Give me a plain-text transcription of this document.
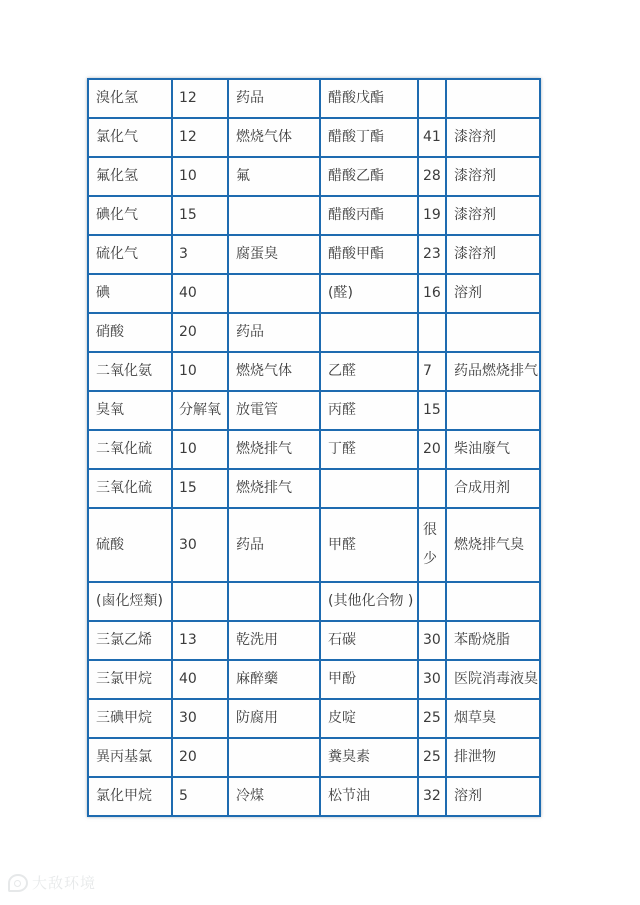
溴化氢	12	药品	醋酸戊酯		
氯化气	12	燃烧气体	醋酸丁酯	41	漆溶剂
氟化氢	10	氟	醋酸乙酯	28	漆溶剂
碘化气	15		醋酸丙酯	19	漆溶剂
硫化气	3	腐蛋臭	醋酸甲酯	23	漆溶剂
碘	40		(醛)	16	溶剂
硝酸	20	药品			
二氧化氨	10	燃烧气体	乙醛	7	药品燃烧排气
臭氧	分解氧	放電管	丙醛	15	
二氧化硫	10	燃烧排气	丁醛	20	柴油廢气
三氧化硫	15	燃烧排气			合成用剂
硫酸	30	药品	甲醛	很少	燃烧排气臭
(鹵化烴類)			(其他化合物 )		
三氯乙烯	13	乾洗用	石碳	30	苯酚烧脂
三氯甲烷	40	麻醉藥	甲酚	30	医院消毒液臭
三碘甲烷	30	防腐用	皮啶	25	烟草臭
異丙基氯	20		糞臭素	25	排泄物
氯化甲烷	5	冷煤	松节油	32	溶剂
大敌环境
